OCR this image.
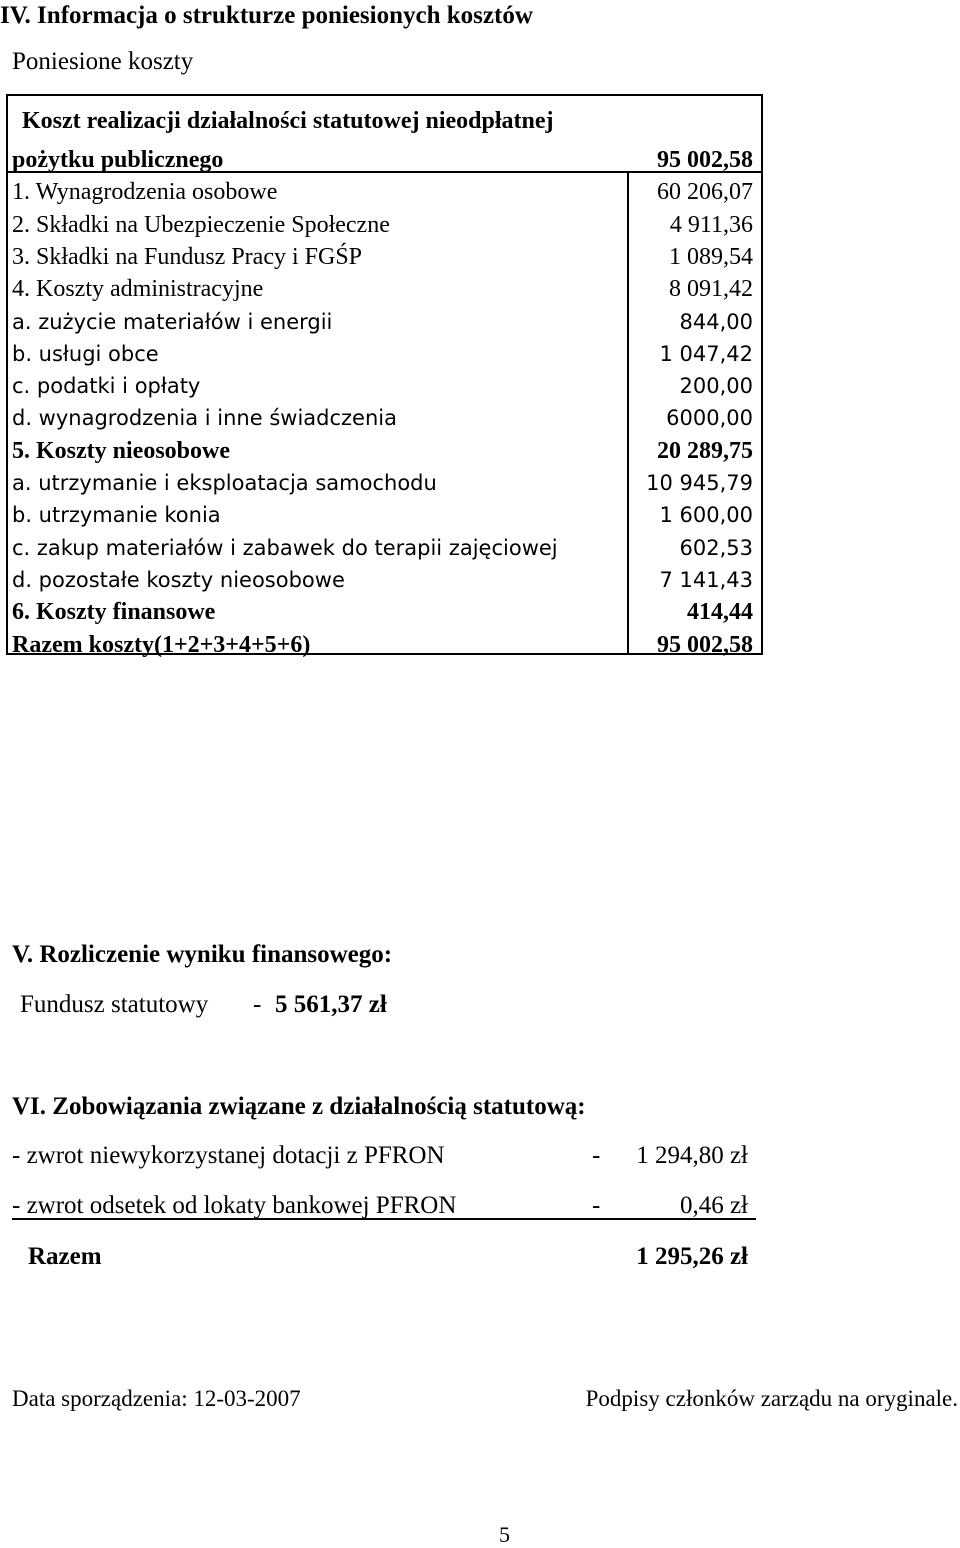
IV. Informacja o strukturze poniesionych kosztów
Poniesione koszty
Koszt realizacji działalności statutowej nieodpłatnej
pożytku publicznego	95 002,58
1. Wynagrodzenia osobowe	60 206,07
2. Składki na Ubezpieczenie Społeczne	4 911,36
3. Składki na Fundusz Pracy i FGŚP	1 089,54
4. Koszty administracyjne	8 091,42
a. zużycie materiałów i energii	844,00
b. usługi obce	1 047,42
c. podatki i opłaty	200,00
d. wynagrodzenia i inne świadczenia	6000,00
5. Koszty nieosobowe	20 289,75
a. utrzymanie i eksploatacja samochodu	10 945,79
b. utrzymanie konia	1 600,00
c. zakup materiałów i zabawek do terapii zajęciowej	602,53
d. pozostałe koszty nieosobowe	7 141,43
6. Koszty finansowe	414,44
Razem koszty(1+2+3+4+5+6)	95 002,58
V. Rozliczenie wyniku finansowego:
Fundusz statutowy - 5 561,37 zł
VI. Zobowiązania związane z działalnością statutową:
- zwrot niewykorzystanej dotacji z PFRON	- 1 294,80 zł
- zwrot odsetek od lokaty bankowej PFRON	-	0,46 zł
Razem	1 295,26 zł
Data sporządzenia: 12-03-2007	Podpisy członków zarządu na oryginale.
5
